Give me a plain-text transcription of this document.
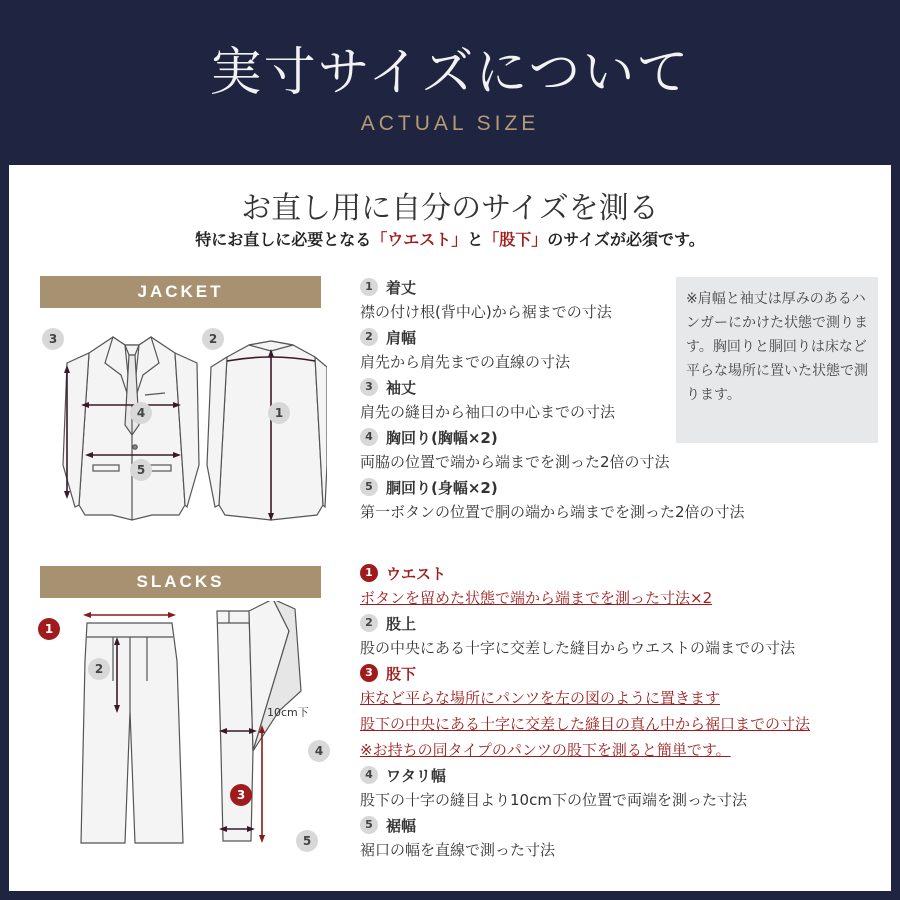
実寸サイズについて
ACTUAL SIZE
お直し用に自分のサイズを測る
特にお直しに必要となる「ウエスト」と「股下」のサイズが必須です。
JACKET
3
4
5
2
1
1 着丈
襟の付け根(背中心)から裾までの寸法
2 肩幅
肩先から肩先までの直線の寸法
3 袖丈
肩先の縫目から袖口の中心までの寸法
4 胸回り(胸幅×2)
両脇の位置で端から端までを測った2倍の寸法
5 胴回り(身幅×2)
第一ボタンの位置で胴の端から端までを測った2倍の寸法
※肩幅と袖丈は厚みのあるハンガーにかけた状態で測ります。胸回りと胴回りは床など平らな場所に置いた状態で測ります。
SLACKS
10cm下
1
2
3
4
5
1 ウエスト
ボタンを留めた状態で端から端までを測った寸法×2
2 股上
股の中央にある十字に交差した縫目からウエストの端までの寸法
3 股下
床など平らな場所にパンツを左の図のように置きます
股下の中央にある十字に交差した縫目の真ん中から裾口までの寸法
※お持ちの同タイプのパンツの股下を測ると簡単です。
4 ワタリ幅
股下の十字の縫目より10cm下の位置で両端を測った寸法
5 裾幅
裾口の幅を直線で測った寸法
